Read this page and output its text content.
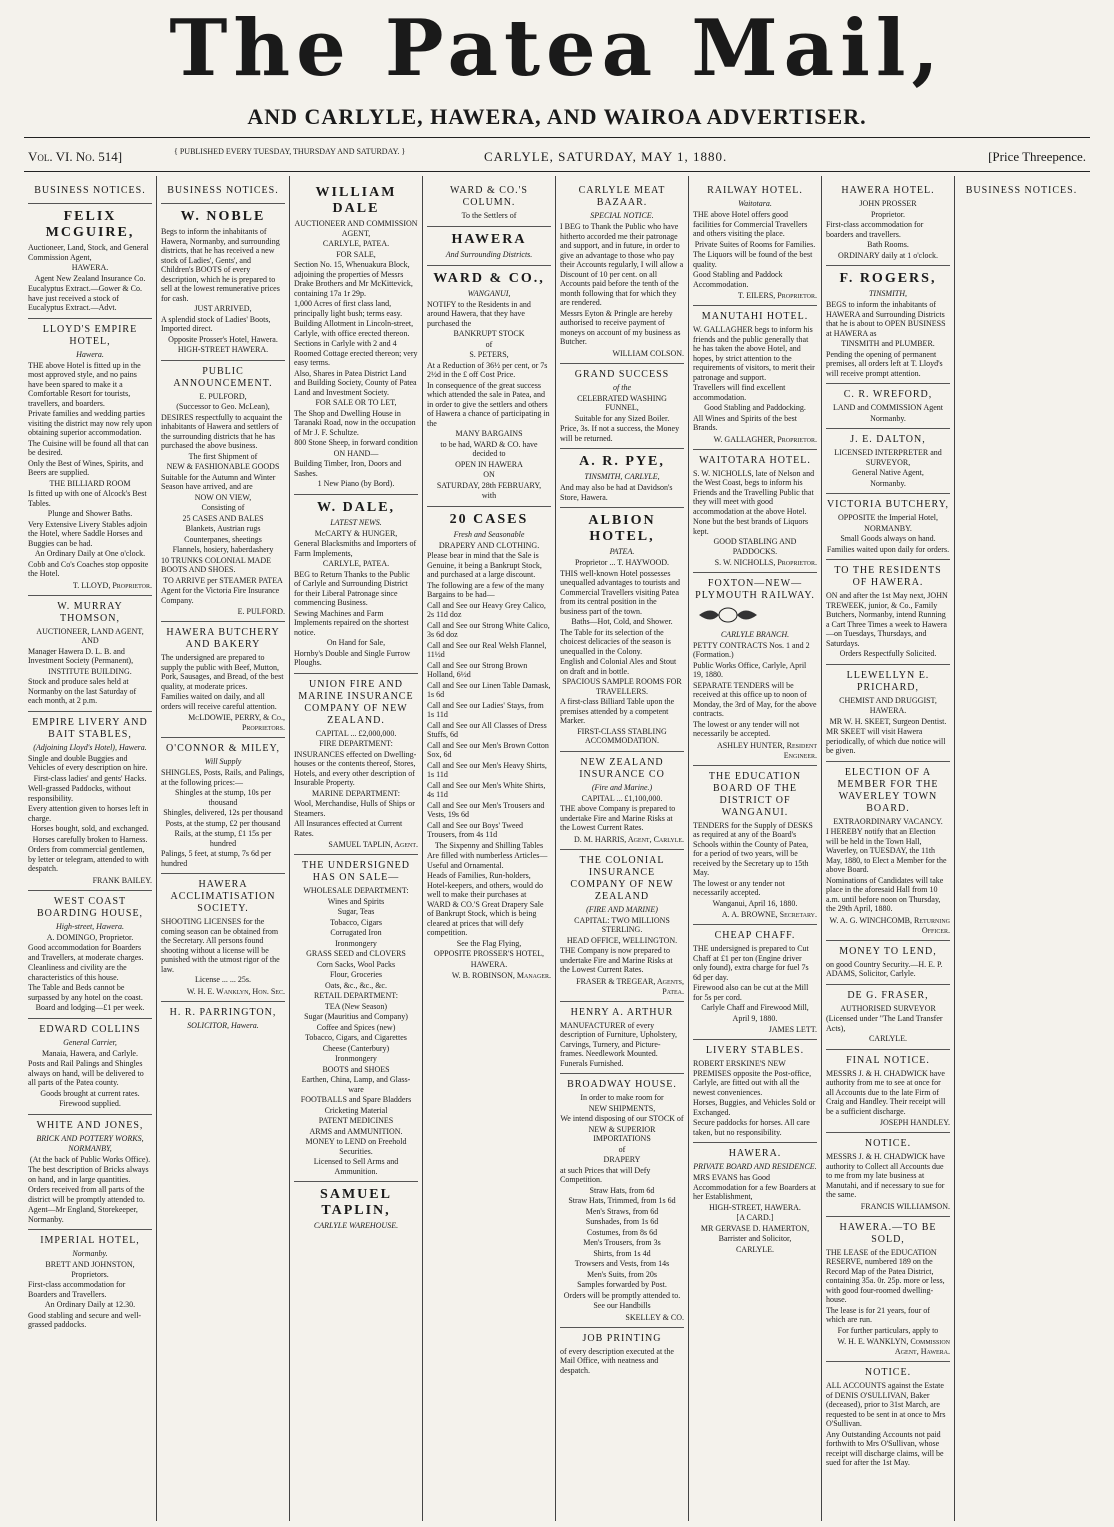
The Patea Mail,
AND CARLYLE, HAWERA, AND WAIROA ADVERTISER.
Vol. VI. No. 514]	{ PUBLISHED EVERY TUESDAY, THURSDAY AND SATURDAY. }	CARLYLE, SATURDAY, MAY 1, 1880.	[Price Threepence.
BUSINESS NOTICES.
FELIX MCGUIRE,
Auctioneer, Land, Stock, and General Commission Agent,
HAWERA.
Agent New Zealand Insurance Co.
Eucalyptus Extract.—Gower & Co. have just received a stock of Eucalyptus Extract.—Advt.
LLOYD'S EMPIRE HOTEL,
Hawera.
THE above Hotel is fitted up in the most approved style, and no pains have been spared to make it a Comfortable Resort for tourists, travellers, and boarders.
Private families and wedding parties visiting the district may now rely upon obtaining superior accommodation.
The Cuisine will be found all that can be desired.
Only the Best of Wines, Spirits, and Beers are supplied.
THE BILLIARD ROOM
Is fitted up with one of Alcock's Best Tables.
Plunge and Shower Baths.
Very Extensive Livery Stables adjoin the Hotel, where Saddle Horses and Buggies can be had.
An Ordinary Daily at One o'clock.
Cobb and Co's Coaches stop opposite the Hotel.
T. LLOYD, Proprietor.
W. MURRAY THOMSON,
AUCTIONEER, LAND AGENT, AND
Manager Hawera D. L. B. and Investment Society (Permanent),
INSTITUTE BUILDING.
Stock and produce sales held at Normanby on the last Saturday of each month, at 2 p.m.
EMPIRE LIVERY AND BAIT STABLES,
(Adjoining Lloyd's Hotel), Hawera.
Single and double Buggies and Vehicles of every description on hire.
First-class ladies' and gents' Hacks.
Well-grassed Paddocks, without responsibility.
Every attention given to horses left in charge.
Horses bought, sold, and exchanged.
Horses carefully broken to Harness.
Orders from commercial gentlemen, by letter or telegram, attended to with despatch.
FRANK BAILEY.
WEST COAST BOARDING HOUSE,
High-street, Hawera.
A. DOMINGO, Proprietor.
Good accommodation for Boarders and Travellers, at moderate charges.
Cleanliness and civility are the characteristics of this house.
The Table and Beds cannot be surpassed by any hotel on the coast.
Board and lodging—£1 per week.
EDWARD COLLINS
General Carrier,
Manaia, Hawera, and Carlyle.
Posts and Rail Palings and Shingles always on hand, will be delivered to all parts of the Patea county.
Goods brought at current rates.
Firewood supplied.
WHITE AND JONES,
BRICK AND POTTERY WORKS, NORMANBY,
(At the back of Public Works Office).
The best description of Bricks always on hand, and in large quantities.
Orders received from all parts of the district will be promptly attended to.
Agent—Mr England, Storekeeper, Normanby.
IMPERIAL HOTEL,
Normanby.
BRETT AND JOHNSTON, Proprietors.
First-class accommodation for Boarders and Travellers.
An Ordinary Daily at 12.30.
Good stabling and secure and well-grassed paddocks.
BUSINESS NOTICES.
W. NOBLE
Begs to inform the inhabitants of Hawera, Normanby, and surrounding districts, that he has received a new stock of Ladies', Gents', and Children's BOOTS of every description, which he is prepared to sell at the lowest remunerative prices for cash.
JUST ARRIVED,
A splendid stock of Ladies' Boots, Imported direct.
Opposite Prosser's Hotel, Hawera.
HIGH-STREET HAWERA.
PUBLIC ANNOUNCEMENT.
E. PULFORD,
(Successor to Geo. McLean),
DESIRES respectfully to acquaint the inhabitants of Hawera and settlers of the surrounding districts that he has purchased the above business.
The first Shipment of
NEW & FASHIONABLE GOODS
Suitable for the Autumn and Winter Season have arrived, and are
NOW ON VIEW,
Consisting of
25 CASES AND BALES
Blankets, Austrian rugs
Counterpanes, sheetings
Flannels, hosiery, haberdashery
10 TRUNKS COLONIAL MADE BOOTS AND SHOES.
TO ARRIVE per STEAMER PATEA
Agent for the Victoria Fire Insurance Company.
E. PULFORD.
HAWERA BUTCHERY AND BAKERY
The undersigned are prepared to supply the public with Beef, Mutton, Pork, Sausages, and Bread, of the best quality, at moderate prices.
Families waited on daily, and all orders will receive careful attention.
McLDOWIE, PERRY, & Co., Proprietors.
O'CONNOR & MILEY,
Will Supply
SHINGLES, Posts, Rails, and Palings, at the following prices:—
Shingles at the stump, 10s per thousand
Shingles, delivered, 12s per thousand
Posts, at the stump, £2 per thousand
Rails, at the stump, £1 15s per hundred
Palings, 5 feet, at stump, 7s 6d per hundred
HAWERA ACCLIMATISATION SOCIETY.
SHOOTING LICENSES for the coming season can be obtained from the Secretary. All persons found shooting without a license will be punished with the utmost rigor of the law.
License ... ... 25s.
W. H. E. Wanklyn, Hon. Sec.
H. R. PARRINGTON,
SOLICITOR, Hawera.
WILLIAM DALE
AUCTIONEER AND COMMISSION AGENT,
CARLYLE, PATEA.
FOR SALE,
Section No. 15, Whenuakura Block, adjoining the properties of Messrs Drake Brothers and Mr McKittevick, containing 17a 1r 29p.
1,000 Acres of first class land, principally light bush; terms easy.
Building Allotment in Lincoln-street, Carlyle, with office erected thereon.
Sections in Carlyle with 2 and 4 Roomed Cottage erected thereon; very easy terms.
Also, Shares in Patea District Land and Building Society, County of Patea Land and Investment Society.
FOR SALE OR TO LET,
The Shop and Dwelling House in Taranaki Road, now in the occupation of Mr J. F. Schultze.
800 Stone Sheep, in forward condition
ON HAND—
Building Timber, Iron, Doors and Sashes.
1 New Piano (by Bord).
W. DALE,
LATEST NEWS.
McCARTY & HUNGER,
General Blacksmiths and Importers of Farm Implements,
CARLYLE, PATEA.
BEG to Return Thanks to the Public of Carlyle and Surrounding District for their Liberal Patronage since commencing Business.
Sewing Machines and Farm Implements repaired on the shortest notice.
On Hand for Sale,
Hornby's Double and Single Furrow Ploughs.
UNION FIRE AND MARINE INSURANCE COMPANY OF NEW ZEALAND.
CAPITAL ... £2,000,000.
FIRE DEPARTMENT:
INSURANCES effected on Dwelling-houses or the contents thereof, Stores, Hotels, and every other description of Insurable Property.
MARINE DEPARTMENT:
Wool, Merchandise, Hulls of Ships or Steamers.
All Insurances effected at Current Rates.
SAMUEL TAPLIN, Agent.
THE UNDERSIGNED HAS ON SALE—
WHOLESALE DEPARTMENT:
Wines and Spirits
Sugar, Teas
Tobacco, Cigars
Corrugated Iron
Ironmongery
GRASS SEED and CLOVERS
Corn Sacks, Wool Packs
Flour, Groceries
Oats, &c., &c., &c.
RETAIL DEPARTMENT:
TEA (New Season)
Sugar (Mauritius and Company)
Coffee and Spices (new)
Tobacco, Cigars, and Cigarettes
Cheese (Canterbury)
Ironmongery
BOOTS and SHOES
Earthen, China, Lamp, and Glass-ware
FOOTBALLS and Spare Bladders
Cricketing Material
PATENT MEDICINES
ARMS and AMMUNITION.
MONEY to LEND on Freehold Securities.
Licensed to Sell Arms and Ammunition.
SAMUEL TAPLIN,
CARLYLE WAREHOUSE.
WARD & CO.'S COLUMN.
To the Settlers of
HAWERA
And Surrounding Districts.
WARD & CO.,
WANGANUI,
NOTIFY to the Residents in and around Hawera, that they have purchased the
BANKRUPT STOCK
of
S. PETERS,
At a Reduction of 36½ per cent, or 7s 2½d in the £ off Cost Price.
In consequence of the great success which attended the sale in Patea, and in order to give the settlers and others of Hawera a chance of participating in the
MANY BARGAINS
to be had, WARD & CO. have decided to
OPEN IN HAWERA
ON
SATURDAY, 28th FEBRUARY,
with
20 CASES
Fresh and Seasonable
DRAPERY AND CLOTHING.
Please bear in mind that the Sale is Genuine, it being a Bankrupt Stock, and purchased at a large discount.
The following are a few of the many Bargains to be had—
Call and See our Heavy Grey Calico, 2s 11d doz
Call and See our Strong White Calico, 3s 6d doz
Call and See our Real Welsh Flannel, 11½d
Call and See our Strong Brown Holland, 6½d
Call and See our Linen Table Damask, 1s 6d
Call and See our Ladies' Stays, from 1s 11d
Call and See our All Classes of Dress Stuffs, 6d
Call and See our Men's Brown Cotton Sox, 6d
Call and See our Men's Heavy Shirts, 1s 11d
Call and See our Men's White Shirts, 4s 11d
Call and See our Men's Trousers and Vests, 19s 6d
Call and See our Boys' Tweed Trousers, from 4s 11d
The Sixpenny and Shilling Tables
Are filled with numberless Articles—Useful and Ornamental.
Heads of Families, Run-holders, Hotel-keepers, and others, would do well to make their purchases at WARD & CO.'S Great Drapery Sale of Bankrupt Stock, which is being cleared at prices that will defy competition.
See the Flag Flying,
OPPOSITE PROSSER'S HOTEL,
HAWERA.
W. B. ROBINSON, Manager.
CARLYLE MEAT BAZAAR.
SPECIAL NOTICE.
I BEG to Thank the Public who have hitherto accorded me their patronage and support, and in future, in order to give an advantage to those who pay their Accounts regularly, I will allow a Discount of 10 per cent. on all Accounts paid before the tenth of the month following that for which they are rendered.
Messrs Eyton & Pringle are hereby authorised to receive payment of moneys on account of my business as Butcher.
WILLIAM COLSON.
GRAND SUCCESS
of the
CELEBRATED WASHING FUNNEL,
Suitable for any Sized Boiler.
Price, 3s. If not a success, the Money will be returned.
A. R. PYE,
TINSMITH, CARLYLE,
And may also be had at Davidson's Store, Hawera.
ALBION HOTEL,
PATEA.
Proprietor ... T. HAYWOOD.
THIS well-known Hotel possesses unequalled advantages to tourists and Commercial Travellers visiting Patea from its central position in the business part of the town.
Baths—Hot, Cold, and Shower.
The Table for its selection of the choicest delicacies of the season is unequalled in the Colony.
English and Colonial Ales and Stout on draft and in bottle.
SPACIOUS SAMPLE ROOMS FOR TRAVELLERS.
A first-class Billiard Table upon the premises attended by a competent Marker.
FIRST-CLASS STABLING ACCOMMODATION.
NEW ZEALAND INSURANCE CO
(Fire and Marine.)
CAPITAL ... £1,100,000.
THE above Company is prepared to undertake Fire and Marine Risks at the Lowest Current Rates.
D. M. HARRIS, Agent, Carlyle.
THE COLONIAL INSURANCE COMPANY OF NEW ZEALAND
(FIRE AND MARINE)
CAPITAL: TWO MILLIONS STERLING.
HEAD OFFICE, WELLINGTON.
THE Company is now prepared to undertake Fire and Marine Risks at the Lowest Current Rates.
FRASER & TREGEAR, Agents, Patea.
HENRY A. ARTHUR
MANUFACTURER of every description of Furniture, Upholstery, Carvings, Turnery, and Picture-frames. Needlework Mounted. Funerals Furnished.
BROADWAY HOUSE.
In order to make room for
NEW SHIPMENTS,
We intend disposing of our STOCK of
NEW & SUPERIOR IMPORTATIONS
of
DRAPERY
at such Prices that will Defy Competition.
Straw Hats, from 6d
Straw Hats, Trimmed, from 1s 6d
Men's Straws, from 6d
Sunshades, from 1s 6d
Costumes, from 8s 6d
Men's Trousers, from 3s
Shirts, from 1s 4d
Trowsers and Vests, from 14s
Men's Suits, from 20s
Samples forwarded by Post.
Orders will be promptly attended to.
See our Handbills
SKELLEY & CO.
JOB PRINTING
of every description executed at the Mail Office, with neatness and despatch.
RAILWAY HOTEL.
Waitotara.
THE above Hotel offers good facilities for Commercial Travellers and others visiting the place.
Private Suites of Rooms for Families.
The Liquors will be found of the best quality.
Good Stabling and Paddock Accommodation.
T. EILERS, Proprietor.
MANUTAHI HOTEL.
W. GALLAGHER begs to inform his friends and the public generally that he has taken the above Hotel, and hopes, by strict attention to the requirements of visitors, to merit their patronage and support.
Travellers will find excellent accommodation.
Good Stabling and Paddocking.
All Wines and Spirits of the best Brands.
W. GALLAGHER, Proprietor.
WAITOTARA HOTEL.
S. W. NICHOLLS, late of Nelson and the West Coast, begs to inform his Friends and the Travelling Public that they will meet with good accommodation at the above Hotel.
None but the best brands of Liquors kept.
GOOD STABLING AND PADDOCKS.
S. W. NICHOLLS, Proprietor.
FOXTON—NEW—PLYMOUTH RAILWAY.
CARLYLE BRANCH.
PETTY CONTRACTS Nos. 1 and 2 (Formation.)
Public Works Office, Carlyle, April 19, 1880.
SEPARATE TENDERS will be received at this office up to noon of Monday, the 3rd of May, for the above contracts.
The lowest or any tender will not necessarily be accepted.
ASHLEY HUNTER, Resident Engineer.
THE EDUCATION BOARD OF THE DISTRICT OF WANGANUI.
TENDERS for the Supply of DESKS as required at any of the Board's Schools within the County of Patea, for a period of two years, will be received by the Secretary up to 15th May.
The lowest or any tender not necessarily accepted.
Wanganui, April 16, 1880.
A. A. BROWNE, Secretary.
CHEAP CHAFF.
THE undersigned is prepared to Cut Chaff at £1 per ton (Engine driver only found), extra charge for fuel 7s 6d per day.
Firewood also can be cut at the Mill for 5s per cord.
Carlyle Chaff and Firewood Mill,
April 9, 1880.
JAMES LETT.
LIVERY STABLES.
ROBERT ERSKINE'S NEW PREMISES opposite the Post-office, Carlyle, are fitted out with all the newest conveniences.
Horses, Buggies, and Vehicles Sold or Exchanged.
Secure paddocks for horses. All care taken, but no responsibility.
HAWERA.
PRIVATE BOARD AND RESIDENCE.
MRS EVANS has Good Accommodation for a few Boarders at her Establishment,
HIGH-STREET, HAWERA.
[A CARD.]
MR GERVASE D. HAMERTON,
Barrister and Solicitor,
CARLYLE.
HAWERA HOTEL.
JOHN PROSSER
Proprietor.
First-class accommodation for boarders and travellers.
Bath Rooms.
ORDINARY daily at 1 o'clock.
F. ROGERS,
TINSMITH,
BEGS to inform the inhabitants of HAWERA and Surrounding Districts that he is about to OPEN BUSINESS at HAWERA as
TINSMITH and PLUMBER.
Pending the opening of permanent premises, all orders left at T. Lloyd's will receive prompt attention.
C. R. WREFORD,
LAND and COMMISSION Agent
Normanby.
J. E. DALTON,
LICENSED INTERPRETER and SURVEYOR,
General Native Agent,
Normanby.
VICTORIA BUTCHERY,
OPPOSITE the Imperial Hotel,
NORMANBY.
Small Goods always on hand.
Families waited upon daily for orders.
TO THE RESIDENTS OF HAWERA.
ON and after the 1st May next, JOHN TREWEEK, junior, & Co., Family Butchers, Normanby, intend Running a Cart Three Times a week to Hawera—on Tuesdays, Thursdays, and Saturdays.
Orders Respectfully Solicited.
LLEWELLYN E. PRICHARD,
CHEMIST AND DRUGGIST,
HAWERA.
MR W. H. SKEET, Surgeon Dentist.
MR SKEET will visit Hawera periodically, of which due notice will be given.
ELECTION OF A MEMBER FOR THE WAVERLEY TOWN BOARD.
EXTRAORDINARY VACANCY.
I HEREBY notify that an Election will be held in the Town Hall, Waverley, on TUESDAY, the 11th May, 1880, to Elect a Member for the above Board.
Nominations of Candidates will take place in the aforesaid Hall from 10 a.m. until before noon on Thursday, the 29th April, 1880.
W. A. G. WINCHCOMB, Returning Officer.
MONEY TO LEND,
on good Country Security.—H. E. P. ADAMS, Solicitor, Carlyle.
DE G. FRASER,
AUTHORISED SURVEYOR
(Licensed under "The Land Transfer Acts),
CARLYLE.
FINAL NOTICE.
MESSRS J. & H. CHADWICK have authority from me to see at once for all Accounts due to the late Firm of Craig and Handley. Their receipt will be a sufficient discharge.
JOSEPH HANDLEY.
NOTICE.
MESSRS J. & H. CHADWICK have authority to Collect all Accounts due to me from my late business at Manutahi, and if necessary to sue for the same.
FRANCIS WILLIAMSON.
HAWERA.—TO BE SOLD,
THE LEASE of the EDUCATION RESERVE, numbered 189 on the Record Map of the Patea District, containing 35a. 0r. 25p. more or less, with good four-roomed dwelling-house.
The lease is for 21 years, four of which are run.
For further particulars, apply to
W. H. E. WANKLYN, Commission Agent, Hawera.
NOTICE.
ALL ACCOUNTS against the Estate of DENIS O'SULLIVAN, Baker (deceased), prior to 31st March, are requested to be sent in at once to Mrs O'Sullivan.
Any Outstanding Accounts not paid forthwith to Mrs O'Sullivan, whose receipt will discharge claims, will be sued for after the 1st May.
BUSINESS NOTICES.
